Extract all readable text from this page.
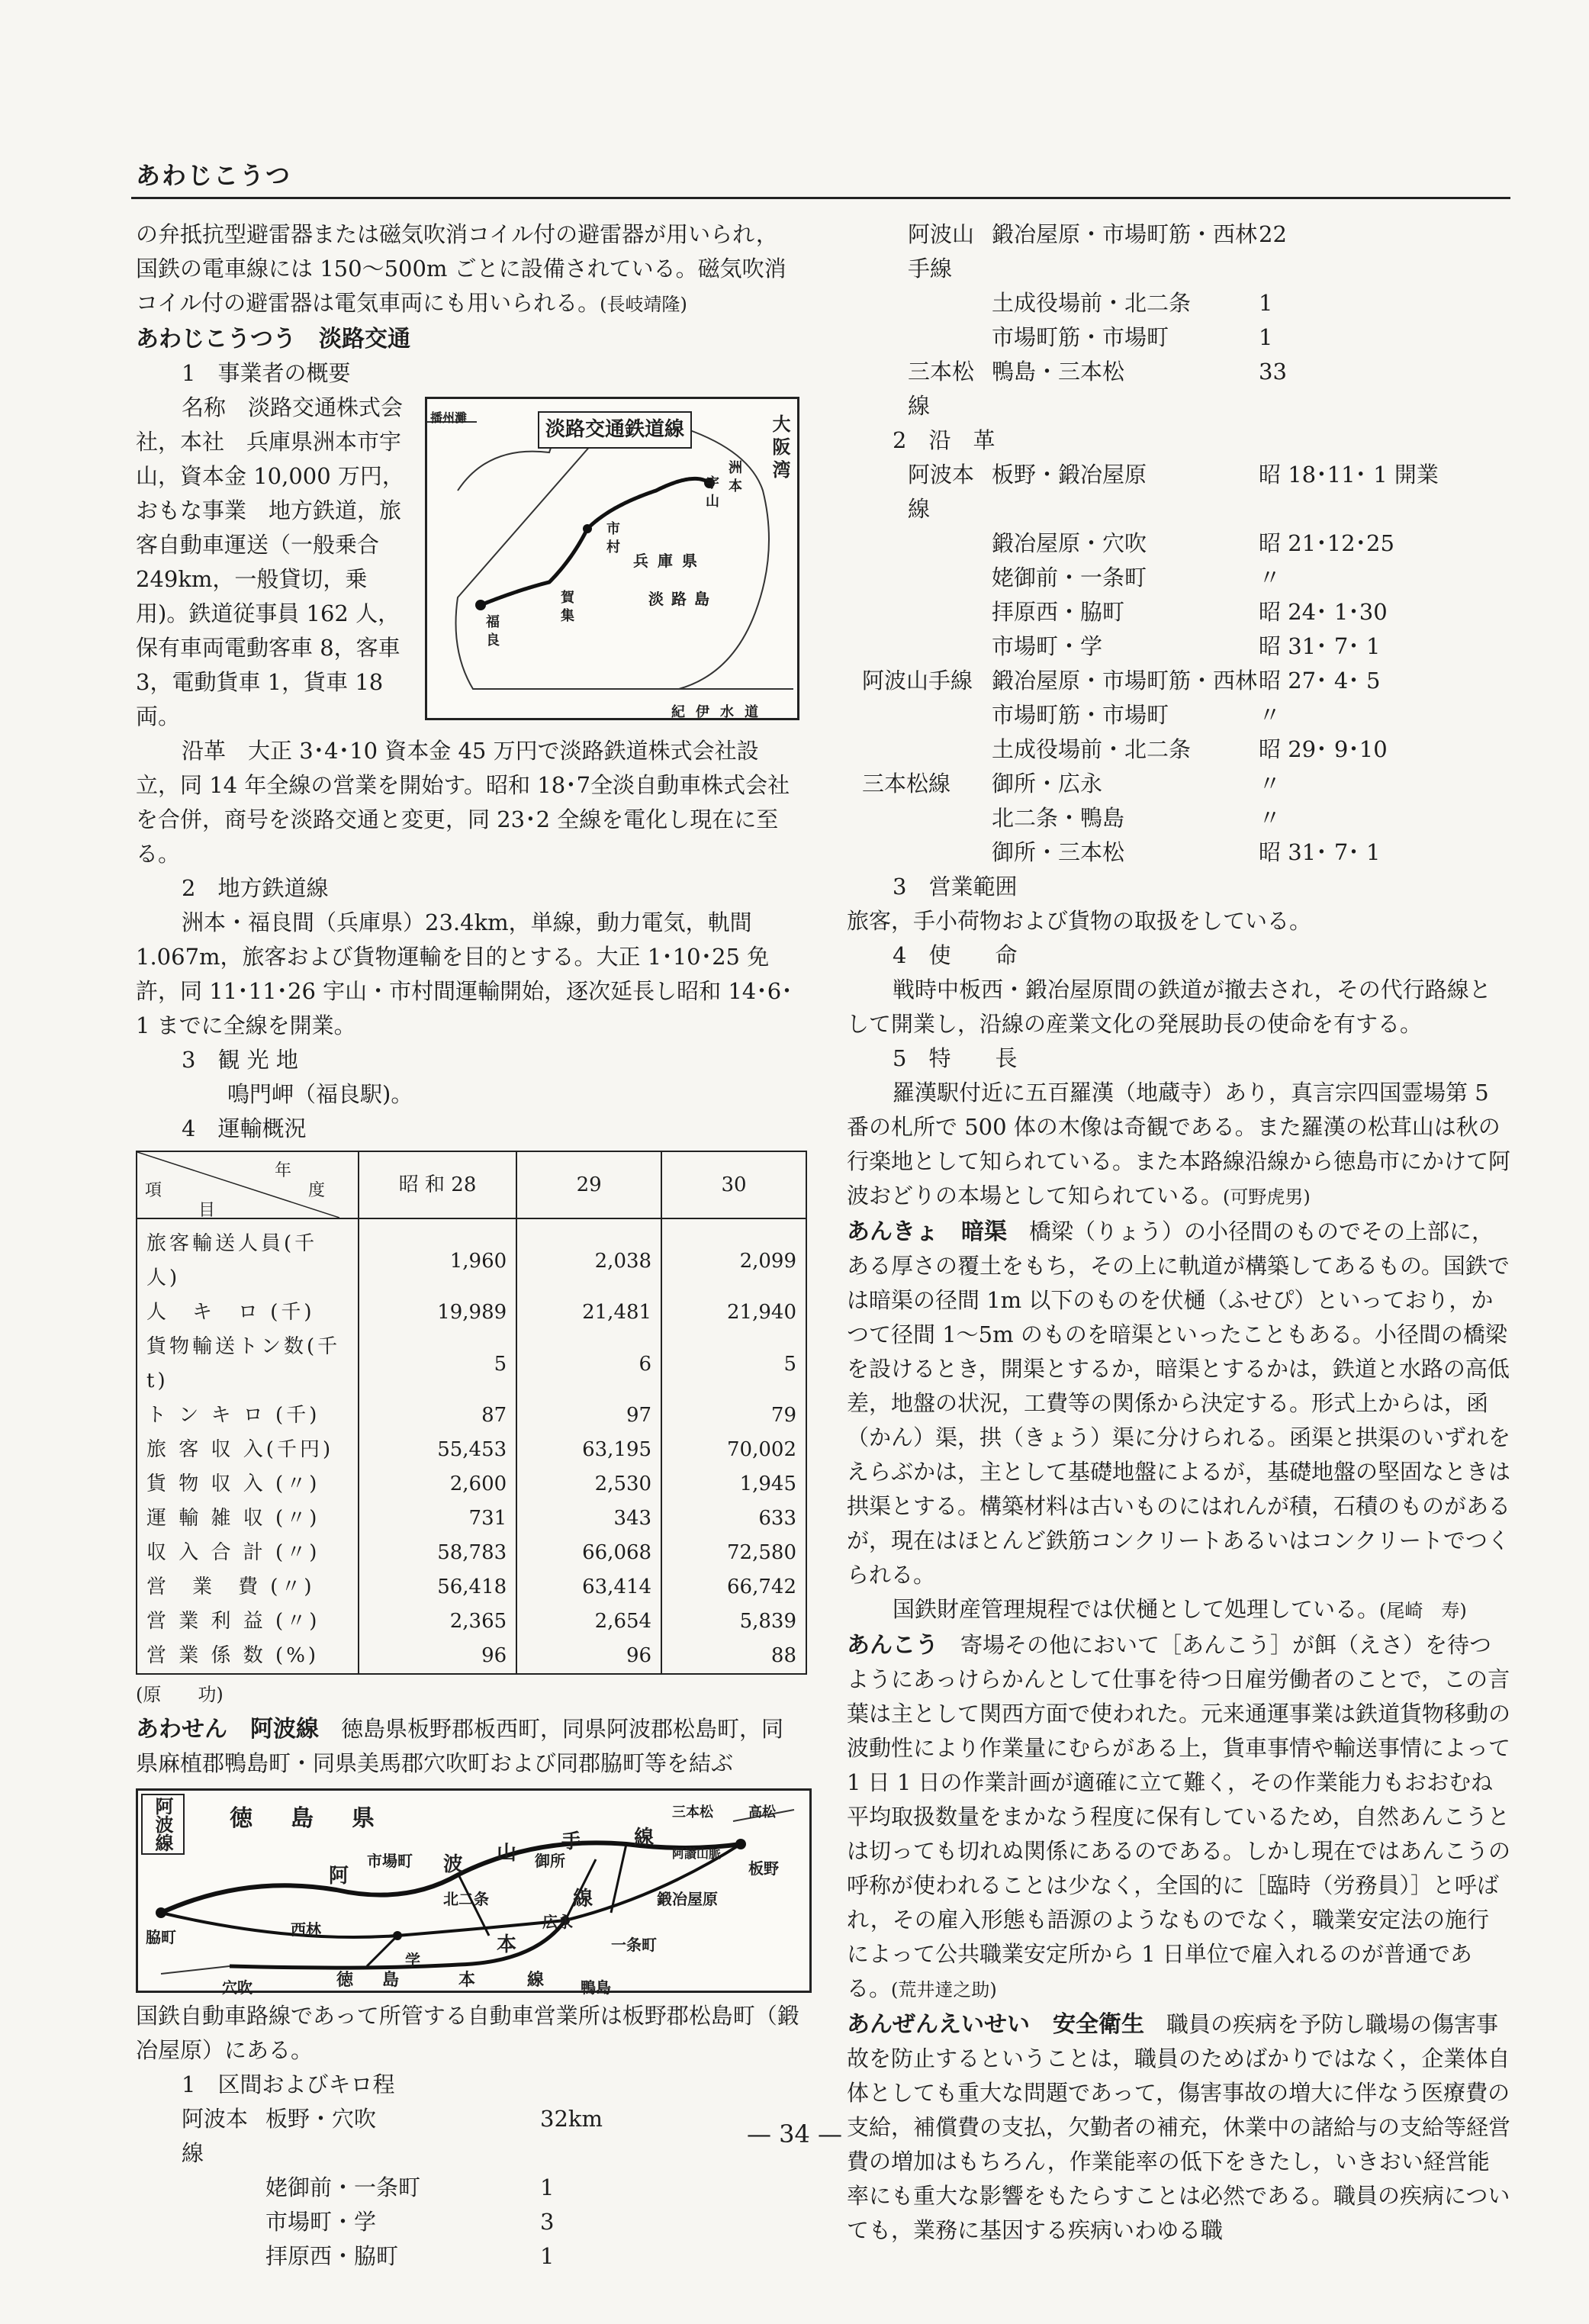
あわじこうつ

の弁抵抗型避雷器または磁気吹消コイル付の避雷器が用いられ，国鉄の電車線には 150～500m ごとに設備されている。磁気吹消コイル付の避雷器は電気車両にも用いられる。(長岐靖隆)

あわじこうつう　淡路交通

1　事業者の概要

淡路交通鉄道線
播州灘	大阪湾
紀伊水道
兵庫県
淡路島
福良
洲本
宇山
市村
賀集

名称　淡路交通株式会社，本社　兵庫県洲本市宇山，資本金 10,000 万円，おもな事業　地方鉄道，旅客自動車運送（一般乗合 249km，一般貸切，乗用)。鉄道従事員 162 人，保有車両電動客車 8，客車 3，電動貨車 1，貨車 18 両。

沿革　大正 3･4･10 資本金 45 万円で淡路鉄道株式会社設立，同 14 年全線の営業を開始す。昭和 18･7全淡自動車株式会社を合併，商号を淡路交通と変更，同 23･2 全線を電化し現在に至る。

2　地方鉄道線

洲本・福良間（兵庫県）23.4km，単線，動力電気，軌間 1.067m，旅客および貨物運輸を目的とする。大正 1･10･25 免許，同 11･11･26 宇山・市村間運輸開始，逐次延長し昭和 14･6･1 までに全線を開業。

3　観 光 地

鳴門岬（福良駅)。

4　運輸概況

年
度
項
目	昭 和 28	29	30
旅客輸送人員(千人)	1,960	2,038	2,099
人　キ　ロ (千)	19,989	21,481	21,940
貨物輸送トン数(千t)	5	6	5
ト ン キ ロ (千)	87	97	79
旅 客 収 入(千円)	55,453	63,195	70,002
貨 物 収 入 (〃)	2,600	2,530	1,945
運 輸 雑 収 (〃)	731	343	633
収 入 合 計 (〃)	58,783	66,068	72,580
営　業　費 (〃)	56,418	63,414	66,742
営 業 利 益 (〃)	2,365	2,654	5,839
営 業 係 数 (%)	96	96	88

(原　　功)

あわせん　阿波線　 徳島県板野郡板西町，同県阿波郡松島町，同県麻植郡鴨島町・同県美馬郡穴吹町および同郡脇町等を結ぶ

阿波線	徳 島 県
阿	波 山 手	線
本
線
徳 島	本	線
脇町
穴吹
西林
学
鴨島
北二条
広永
御所
一条町
板野
鍛冶屋原
市場町
三本松	高松
阿讃山脈

国鉄自動車路線であって所管する自動車営業所は板野郡松島町（鍛冶屋原）にある。

1　区間およびキロ程

阿波本線
板野・穴吹	32km
姥御前・一条町	1
市場町・学	3
拝原西・脇町	1
阿波山手線
鍛冶屋原・市場町筋・西林 22
土成役場前・北二条	1
市場町筋・市場町	1
三本松線
鴨島・三本松	33

2　沿　革

阿波本線
板野・鍛冶屋原	昭 18･11･ 1 開業
鍛冶屋原・穴吹	昭 21･12･25
姥御前・一条町	〃
拝原西・脇町	昭 24･ 1･30
市場町・学	昭 31･ 7･ 1
阿波山手線 鍛冶屋原・市場町筋・西林 昭 27･ 4･ 5
市場町筋・市場町	〃
土成役場前・北二条	昭 29･ 9･10
三本松線	御所・広永	〃
北二条・鴨島	〃
御所・三本松	昭 31･ 7･ 1

3　営業範囲

旅客，手小荷物および貨物の取扱をしている。

4　使　　命

戦時中板西・鍛冶屋原間の鉄道が撤去され，その代行路線として開業し，沿線の産業文化の発展助長の使命を有する。

5　特　　長

羅漢駅付近に五百羅漢（地蔵寺）あり，真言宗四国霊場第 5 番の札所で 500 体の木像は奇観である。また羅漢の松茸山は秋の行楽地として知られている。また本路線沿線から徳島市にかけて阿波おどりの本場として知られている。(可野虎男)

あんきょ　暗渠　 橋梁（りょう）の小径間のものでその上部に，ある厚さの覆土をもち，その上に軌道が構築してあるもの。国鉄では暗渠の径間 1m 以下のものを伏樋（ふせぴ）といっており，かつて径間 1～5m のものを暗渠といったこともある。小径間の橋梁を設けるとき，開渠とするか，暗渠とするかは，鉄道と水路の高低差，地盤の状況，工費等の関係から決定する。形式上からは，函（かん）渠，拱（きょう）渠に分けられる。函渠と拱渠のいずれをえらぶかは，主として基礎地盤によるが，基礎地盤の堅固なときは拱渠とする。構築材料は古いものにはれんが積，石積のものがあるが，現在はほとんど鉄筋コンクリートあるいはコンクリートでつくられる。

国鉄財産管理規程では伏樋として処理している。(尾崎　寿)

あんこう　 寄場その他において［あんこう］が餌（えさ）を待つようにあっけらかんとして仕事を待つ日雇労働者のことで，この言葉は主として関西方面で使われた。元来通運事業は鉄道貨物移動の波動性により作業量にむらがある上，貨車事情や輸送事情によって 1 日 1 日の作業計画が適確に立て難く，その作業能力もおおむね平均取扱数量をまかなう程度に保有しているため，自然あんこうとは切っても切れぬ関係にあるのである。しかし現在ではあんこうの呼称が使われることは少なく，全国的に［臨時（労務員）］と呼ばれ，その雇入形態も語源のようなものでなく，職業安定法の施行によって公共職業安定所から 1 日単位で雇入れるのが普通である。(荒井達之助)

あんぜんえいせい　安全衛生　 職員の疾病を予防し職場の傷害事故を防止するということは，職員のためばかりではなく，企業体自体としても重大な問題であって，傷害事故の増大に伴なう医療費の支給，補償費の支払，欠勤者の補充，休業中の諸給与の支給等経営費の増加はもちろん，作業能率の低下をきたし，いきおい経営能率にも重大な影響をもたらすことは必然である。職員の疾病についても，業務に基因する疾病いわゆる職

— 34 —
